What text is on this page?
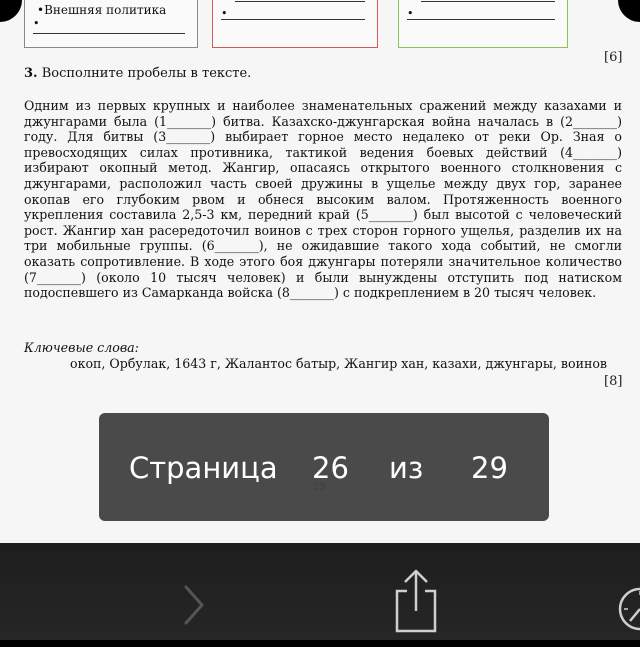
•Внешняя политика
•
•	•
[6]
3. Восполните пробелы в тексте.
Одним из первых крупных и наиболее знаменательных сражений между казахами и джунгарами была (1_______) битва. Казахско-джунгарская война началась в (2_______) году. Для битвы (3_______) выбирает горное место недалеко от реки Ор. Зная о превосходящих силах противника, тактикой ведения боевых действий (4_______) избирают окопный метод. Жангир, опасаясь открытого военного столкновения с джунгарами, расположил часть своей дружины в ущелье между двух гор, заранее окопав его глубоким рвом и обнеся высоким валом. Протяженность военного укрепления составила 2,5-3 км, передний край (5_______) был высотой с человеческий рост. Жангир хан расередоточил воинов с трех сторон горного ущелья, разделив их на три мобильные группы. (6_______), не ожидавшие такого хода событий, не смогли оказать сопротивление. В ходе этого боя джунгары потеряли значительное количество (7_______) (около 10 тысяч человек) и были вынуждены отступить под натиском подоспевшего из Самарканда войска (8_______) с подкреплением в 20 тысяч человек.
Ключевые слова:
окоп, Орбулак, 1643 г, Жалантос батыр, Жангир хан, казахи, джунгары, воинов
[8]
Страница 26 из 29
